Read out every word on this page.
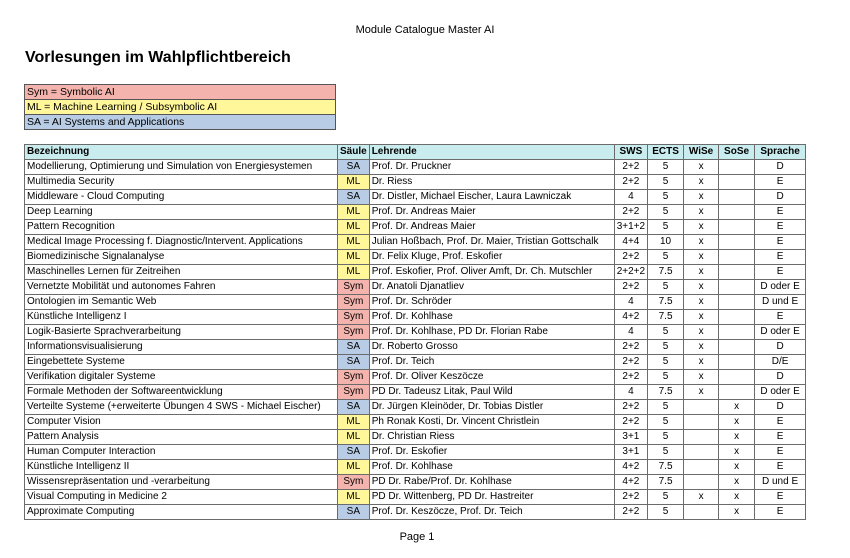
Module Catalogue Master AI
Vorlesungen im Wahlpflichtbereich
Sym = Symbolic AI
ML = Machine Learning / Subsymbolic AI
SA = AI Systems and Applications
Bezeichnung	Säule	Lehrende	SWS	ECTS	WiSe	SoSe	Sprache
Modellierung, Optimierung und Simulation von Energiesystemen	SA	Prof. Dr. Pruckner	2+2	5	x		D
Multimedia Security	ML	Dr. Riess	2+2	5	x		E
Middleware - Cloud Computing	SA	Dr. Distler, Michael Eischer, Laura Lawniczak	4	5	x		D
Deep Learning	ML	Prof. Dr. Andreas Maier	2+2	5	x		E
Pattern Recognition	ML	Prof. Dr. Andreas Maier	3+1+2	5	x		E
Medical Image Processing f. Diagnostic/Intervent. Applications	ML	Julian Hoßbach, Prof. Dr. Maier, Tristian Gottschalk	4+4	10	x		E
Biomedizinische Signalanalyse	ML	Dr. Felix Kluge, Prof. Eskofier	2+2	5	x		E
Maschinelles Lernen für Zeitreihen	ML	Prof. Eskofier, Prof. Oliver Amft, Dr. Ch. Mutschler	2+2+2	7.5	x		E
Vernetzte Mobilität und autonomes Fahren	Sym	Dr. Anatoli Djanatliev	2+2	5	x		D oder E
Ontologien im Semantic Web	Sym	Prof. Dr. Schröder	4	7.5	x		D und E
Künstliche Intelligenz I	Sym	Prof. Dr. Kohlhase	4+2	7.5	x		E
Logik-Basierte Sprachverarbeitung	Sym	Prof. Dr. Kohlhase, PD Dr. Florian Rabe	4	5	x		D oder E
Informationsvisualisierung	SA	Dr. Roberto Grosso	2+2	5	x		D
Eingebettete Systeme	SA	Prof. Dr. Teich	2+2	5	x		D/E
Verifikation digitaler Systeme	Sym	Prof. Dr. Oliver Keszöcze	2+2	5	x		D
Formale Methoden der Softwareentwicklung	Sym	PD Dr. Tadeusz Litak, Paul Wild	4	7.5	x		D oder E
Verteilte Systeme (+erweiterte Übungen 4 SWS - Michael Eischer)	SA	Dr. Jürgen Kleinöder, Dr. Tobias Distler	2+2	5		x	D
Computer Vision	ML	Ph Ronak Kosti, Dr. Vincent Christlein	2+2	5		x	E
Pattern Analysis	ML	Dr. Christian Riess	3+1	5		x	E
Human Computer Interaction	SA	Prof. Dr. Eskofier	3+1	5		x	E
Künstliche Intelligenz II	ML	Prof. Dr. Kohlhase	4+2	7.5		x	E
Wissensrepräsentation und -verarbeitung	Sym	PD Dr. Rabe/Prof. Dr. Kohlhase	4+2	7.5		x	D und E
Visual Computing in Medicine 2	ML	PD Dr. Wittenberg, PD Dr. Hastreiter	2+2	5	x	x	E
Approximate Computing	SA	Prof. Dr. Keszöcze, Prof. Dr. Teich	2+2	5		x	E
Page 1
